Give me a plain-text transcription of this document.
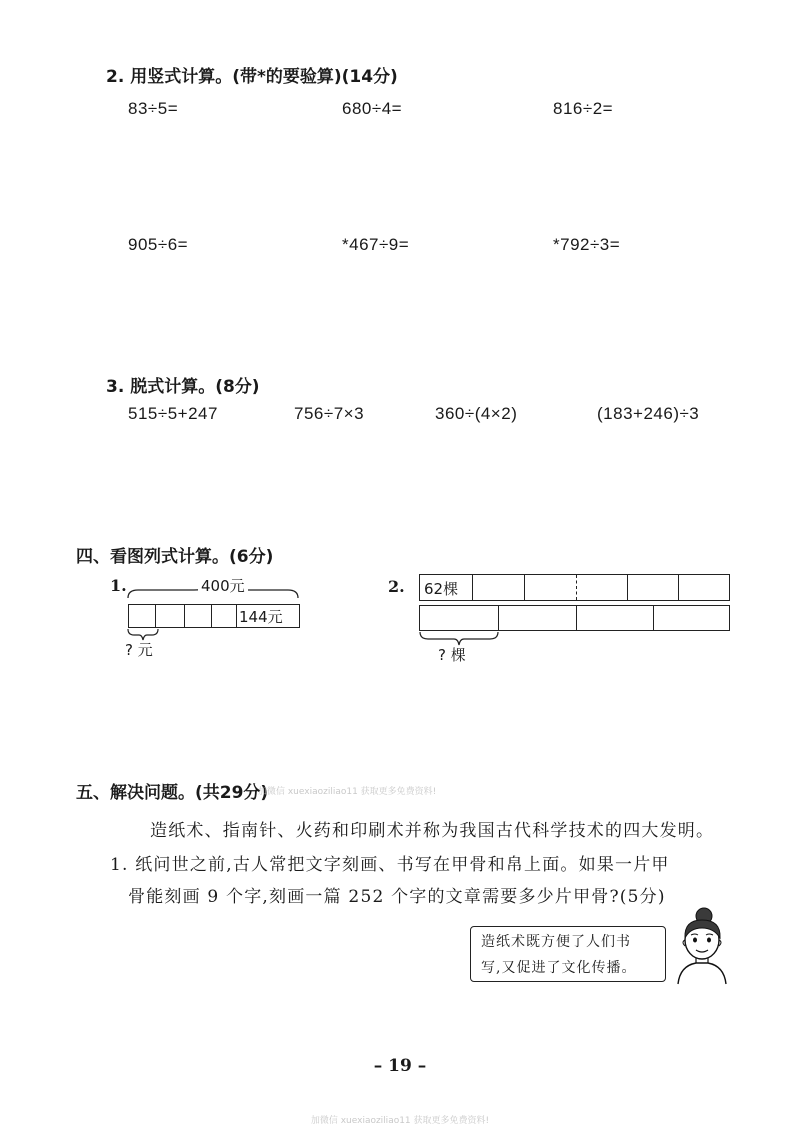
2. 用竖式计算。(带*的要验算)(14分)
83÷5=	680÷4=	816÷2=
905÷6=	*467÷9=	*792÷3=
3. 脱式计算。(8分)
515÷5+247	756÷7×3	360÷(4×2)	(183+246)÷3
四、看图列式计算。(6分)
1.	400元
144元
? 元
2. 62棵
? 棵
五、解决问题。(共29分)
加微信 xuexiaoziliao11 获取更多免费资料!
造纸术、指南针、火药和印刷术并称为我国古代科学技术的四大发明。
1. 纸问世之前,古人常把文字刻画、书写在甲骨和帛上面。如果一片甲
骨能刻画 9 个字,刻画一篇 252 个字的文章需要多少片甲骨?(5分)
造纸术既方便了人们书
写,又促进了文化传播。
– 19 –
加微信 xuexiaoziliao11 获取更多免费资料!
